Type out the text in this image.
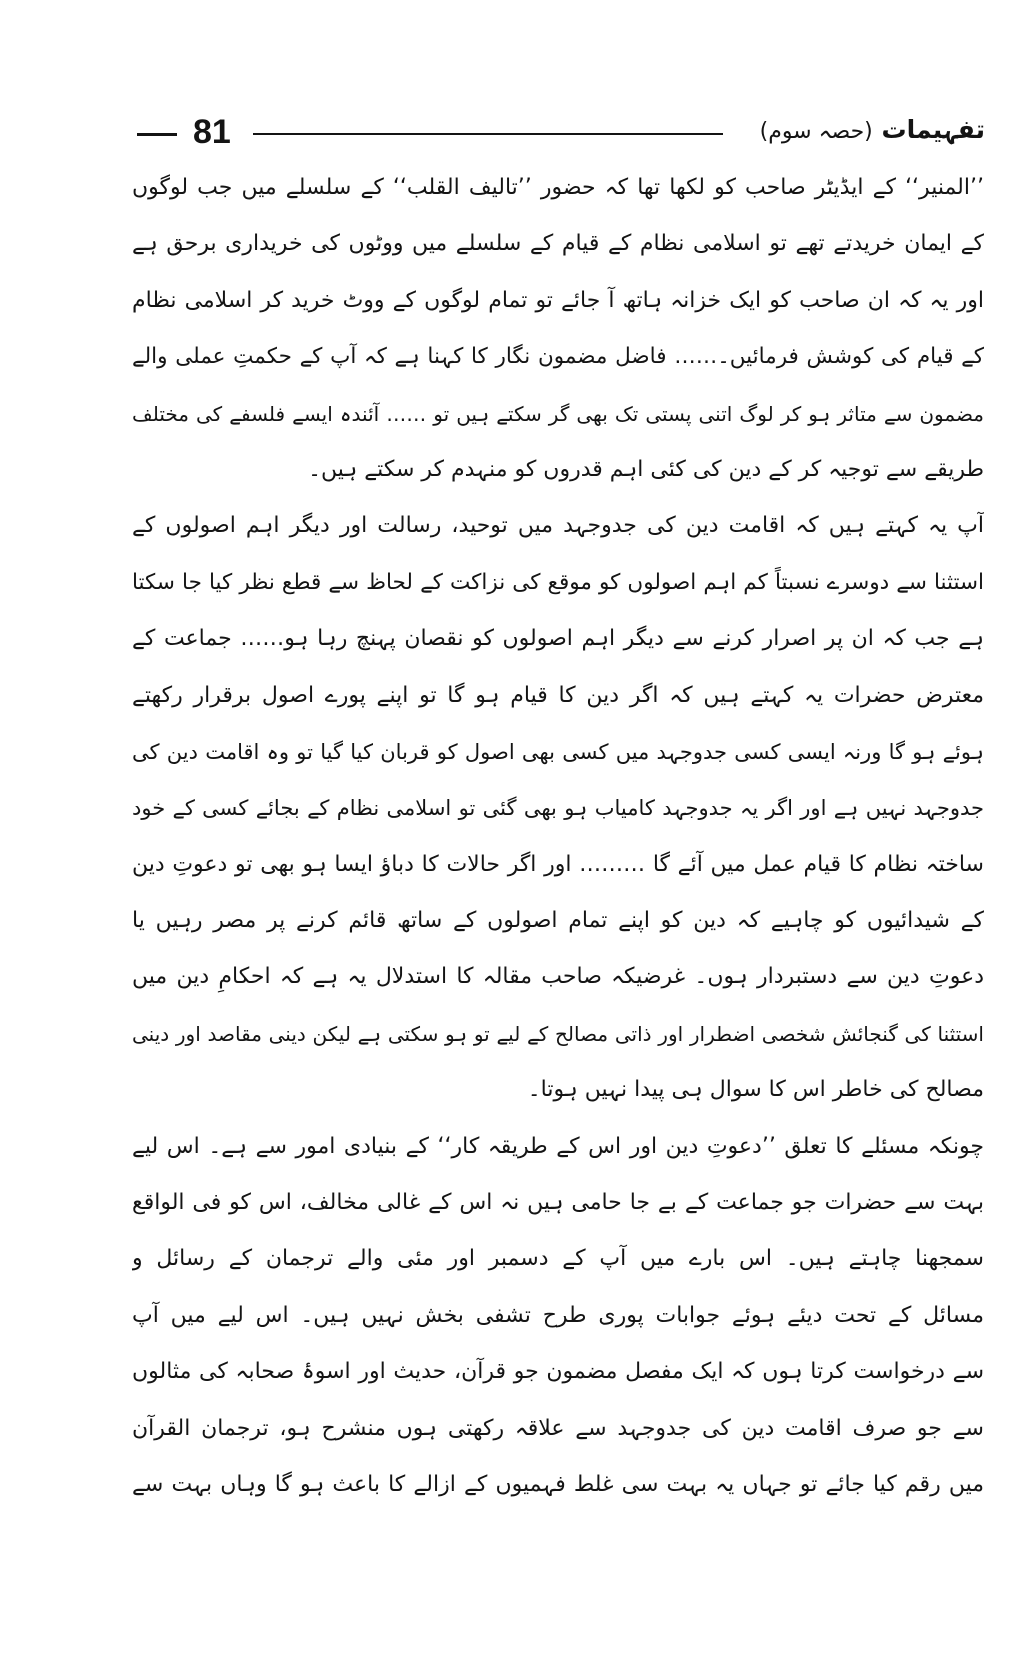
81	تفہیمات (حصہ سوم)
’’المنیر‘‘ کے ایڈیٹر صاحب کو لکھا تھا کہ حضور ’’تالیف القلب‘‘ کے سلسلے میں جب لوگوں
کے ایمان خریدتے تھے تو اسلامی نظام کے قیام کے سلسلے میں ووٹوں کی خریداری برحق ہے
اور یہ کہ ان صاحب کو ایک خزانہ ہاتھ آ جائے تو تمام لوگوں کے ووٹ خرید کر اسلامی نظام
کے قیام کی کوشش فرمائیں۔…… فاضل مضمون نگار کا کہنا ہے کہ آپ کے حکمتِ عملی والے
مضمون سے متاثر ہو کر لوگ اتنی پستی تک بھی گر سکتے ہیں تو …… آئندہ ایسے فلسفے کی مختلف
طریقے سے توجیہ کر کے دین کی کئی اہم قدروں کو منہدم کر سکتے ہیں۔
آپ یہ کہتے ہیں کہ اقامت دین کی جدوجہد میں توحید، رسالت اور دیگر اہم اصولوں کے
استثنا سے دوسرے نسبتاً کم اہم اصولوں کو موقع کی نزاکت کے لحاظ سے قطع نظر کیا جا سکتا
ہے جب کہ ان پر اصرار کرنے سے دیگر اہم اصولوں کو نقصان پہنچ رہا ہو…… جماعت کے
معترض حضرات یہ کہتے ہیں کہ اگر دین کا قیام ہو گا تو اپنے پورے اصول برقرار رکھتے
ہوئے ہو گا ورنہ ایسی کسی جدوجہد میں کسی بھی اصول کو قربان کیا گیا تو وہ اقامت دین کی
جدوجہد نہیں ہے اور اگر یہ جدوجہد کامیاب ہو بھی گئی تو اسلامی نظام کے بجائے کسی کے خود
ساختہ نظام کا قیام عمل میں آئے گا ……… اور اگر حالات کا دباؤ ایسا ہو بھی تو دعوتِ دین
کے شیدائیوں کو چاہیے کہ دین کو اپنے تمام اصولوں کے ساتھ قائم کرنے پر مصر رہیں یا
دعوتِ دین سے دستبردار ہوں۔ غرضیکہ صاحب مقالہ کا استدلال یہ ہے کہ احکامِ دین میں
استثنا کی گنجائش شخصی اضطرار اور ذاتی مصالح کے لیے تو ہو سکتی ہے لیکن دینی مقاصد اور دینی
مصالح کی خاطر اس کا سوال ہی پیدا نہیں ہوتا۔
چونکہ مسئلے کا تعلق ’’دعوتِ دین اور اس کے طریقہ کار‘‘ کے بنیادی امور سے ہے۔ اس لیے
بہت سے حضرات جو جماعت کے بے جا حامی ہیں نہ اس کے غالی مخالف، اس کو فی الواقع
سمجھنا چاہتے ہیں۔ اس بارے میں آپ کے دسمبر اور مئی والے ترجمان کے رسائل و
مسائل کے تحت دیئے ہوئے جوابات پوری طرح تشفی بخش نہیں ہیں۔ اس لیے میں آپ
سے درخواست کرتا ہوں کہ ایک مفصل مضمون جو قرآن، حدیث اور اسوۂ صحابہ کی مثالوں
سے جو صرف اقامت دین کی جدوجہد سے علاقہ رکھتی ہوں منشرح ہو، ترجمان القرآن
میں رقم کیا جائے تو جہاں یہ بہت سی غلط فہمیوں کے ازالے کا باعث ہو گا وہاں بہت سے
